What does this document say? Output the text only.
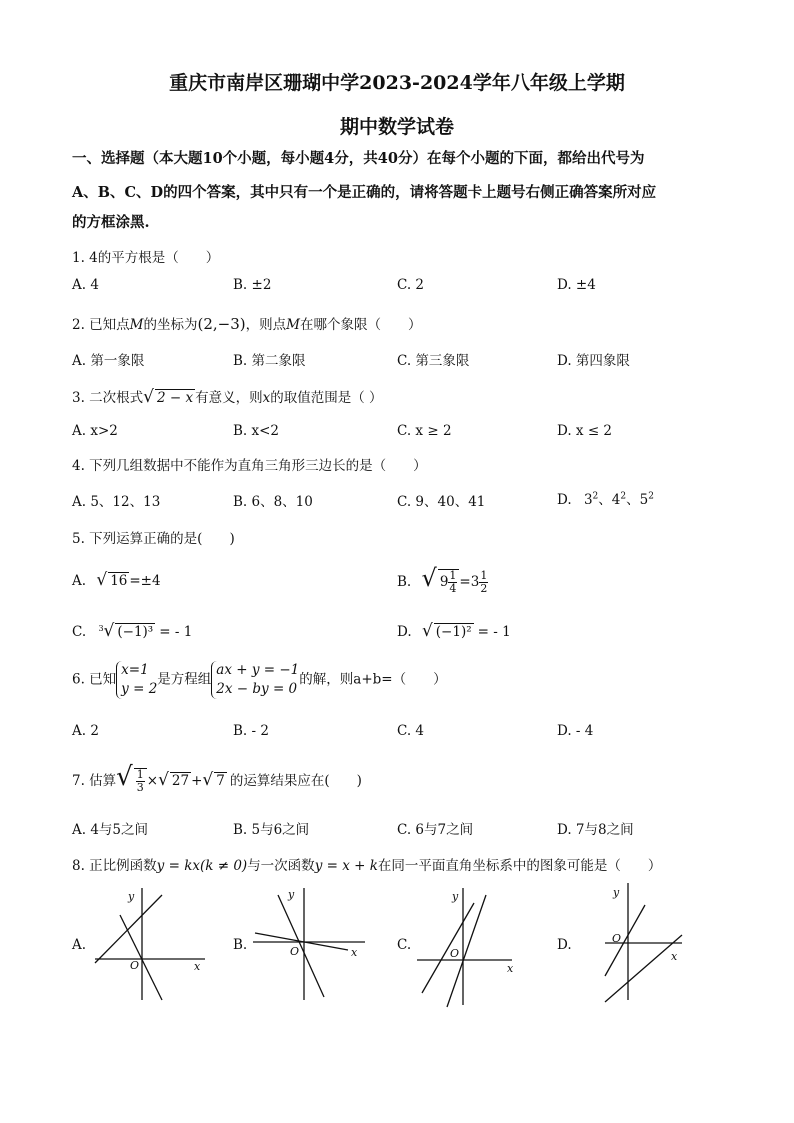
重庆市南岸区珊瑚中学2023-2024学年八年级上学期
期中数学试卷
一、选择题（本大题10个小题，每小题4分，共40分）在每个小题的下面，都给出代号为
A、B、C、D的四个答案，其中只有一个是正确的，请将答题卡上题号右侧正确答案所对应
的方框涂黑.
1. 4的平方根是（　　）
A. 4	B. ±2	C. 2	D. ±4
2. 已知点M的坐标为(2,−3)，则点M在哪个象限（　　）
A. 第一象限	B. 第二象限	C. 第三象限	D. 第四象限
3. 二次根式√ 2 − x 有意义，则x的取值范围是（ ）
A. x>2	B. x<2	C. x ≥ 2	D. x ≤ 2
4. 下列几组数据中不能作为直角三角形三边长的是（　　）
A. 5、12、13	B. 6、8、10	C. 9、40、41	D. $3^2$、$4^2$、$5^2$
5. 下列运算正确的是(　　)
A. √ 16 =±4	B. √ $9 \frac{1}{4} =3 \frac{1}{2}$
C. $^3$√ (−1)³ = - 1	D. √ (−1)² = - 1
6. 已知
x=1
y = 2
是方程组
ax + y = −1
2x − by = 0
的解，则a+b=（　　）
A. 2	B. - 2	C. 4	D. - 4
7. 估算√ $\frac{1}{3}$ ×√ 27 +√ 7 的运算结果应在(　　)
A. 4与5之间	B. 5与6之间	C. 6与7之间	D. 7与8之间
8. 正比例函数y = kx(k ≠ 0)与一次函数y = x + k在同一平面直角坐标系中的图象可能是（　　）
A.	B.	C.	D.
y
O	x
y
O	x
y
O
x
y
O
x
